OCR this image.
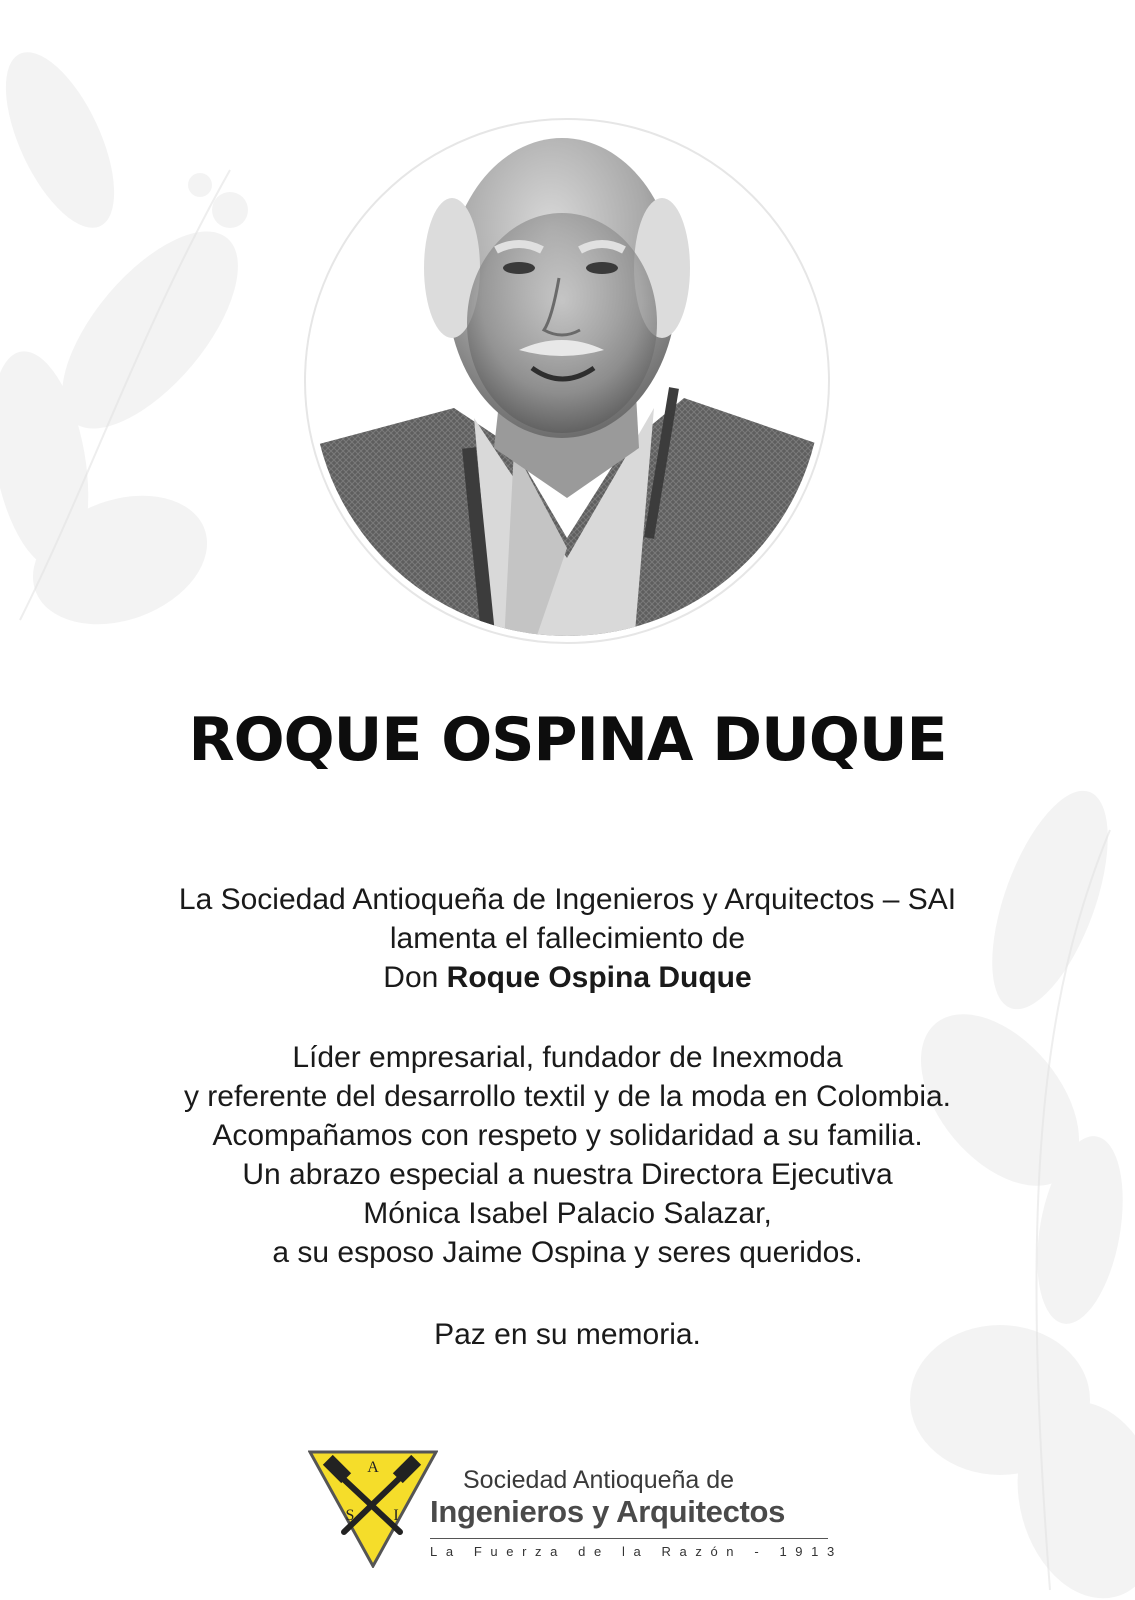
ROQUE OSPINA DUQUE
La Sociedad Antioqueña de Ingenieros y Arquitectos – SAI
lamenta el fallecimiento de
Don Roque Ospina Duque
Líder empresarial, fundador de Inexmoda
y referente del desarrollo textil y de la moda en Colombia.
Acompañamos con respeto y solidaridad a su familia.
Un abrazo especial a nuestra Directora Ejecutiva
Mónica Isabel Palacio Salazar,
a su esposo Jaime Ospina y seres queridos.
Paz en su memoria.
A
S I
Sociedad Antioqueña de
Ingenieros y Arquitectos
La Fuerza de la Razón - 1913
